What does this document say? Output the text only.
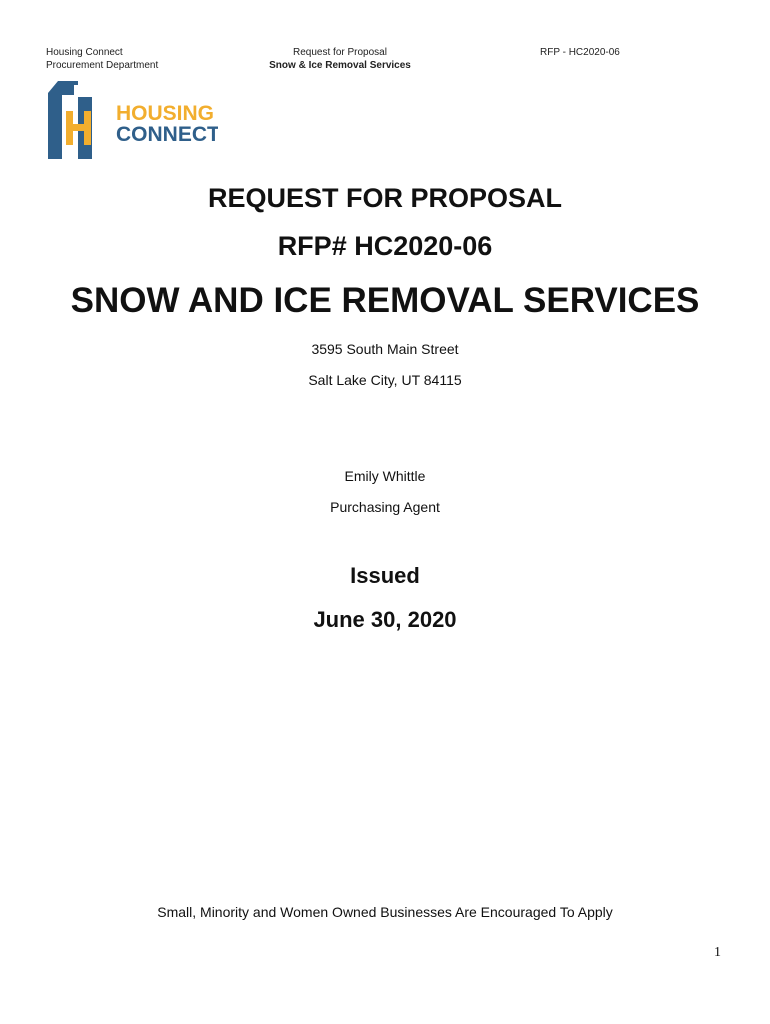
Housing Connect
Procurement Department
Request for Proposal
Snow & Ice Removal Services
RFP - HC2020-06
HOUSING
CONNECT
REQUEST FOR PROPOSAL
RFP# HC2020-06
SNOW AND ICE REMOVAL SERVICES
3595 South Main Street
Salt Lake City, UT 84115
Emily Whittle
Purchasing Agent
Issued
June 30, 2020
Small, Minority and Women Owned Businesses Are Encouraged To Apply
1
